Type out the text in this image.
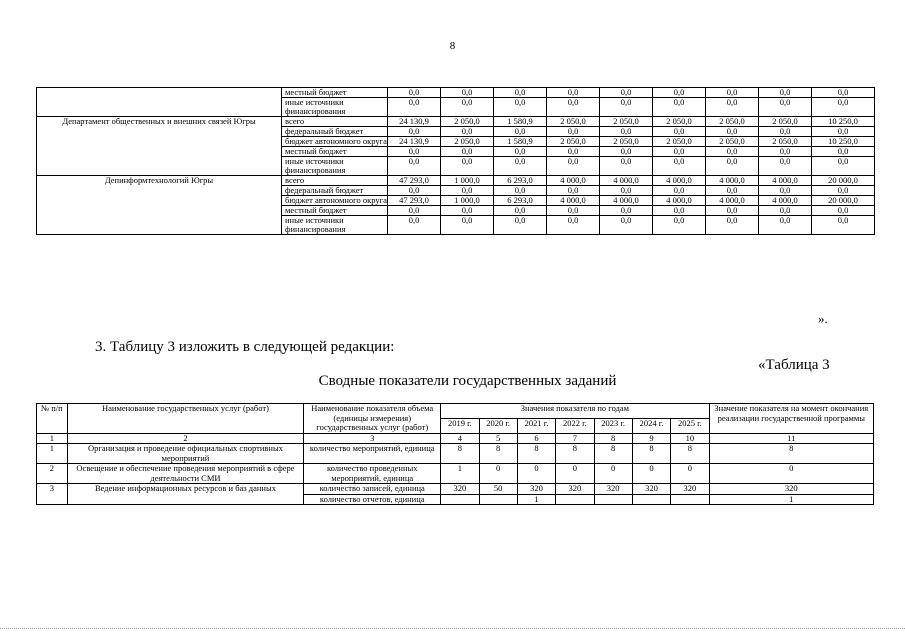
8
	местный бюджет	0,0	0,0	0,0	0,0	0,0	0,0	0,0	0,0	0,0
	иные источники финансирования	0,0	0,0	0,0	0,0	0,0	0,0	0,0	0,0	0,0
Департамент общественных и внешних связей Югры	всего	24 130,9	2 050,0	1 580,9	2 050,0	2 050,0	2 050,0	2 050,0	2 050,0	10 250,0
	федеральный бюджет	0,0	0,0	0,0	0,0	0,0	0,0	0,0	0,0	0,0
	бюджет автономного округа	24 130,9	2 050,0	1 580,9	2 050,0	2 050,0	2 050,0	2 050,0	2 050,0	10 250,0
	местный бюджет	0,0	0,0	0,0	0,0	0,0	0,0	0,0	0,0	0,0
	иные источники финансирования	0,0	0,0	0,0	0,0	0,0	0,0	0,0	0,0	0,0
Депинформтехнологий Югры	всего	47 293,0	1 000,0	6 293,0	4 000,0	4 000,0	4 000,0	4 000,0	4 000,0	20 000,0
	федеральный бюджет	0,0	0,0	0,0	0,0	0,0	0,0	0,0	0,0	0,0
	бюджет автономного округа	47 293,0	1 000,0	6 293,0	4 000,0	4 000,0	4 000,0	4 000,0	4 000,0	20 000,0
	местный бюджет	0,0	0,0	0,0	0,0	0,0	0,0	0,0	0,0	0,0
	иные источники финансирования	0,0	0,0	0,0	0,0	0,0	0,0	0,0	0,0	0,0
».
3. Таблицу 3 изложить в следующей редакции:
«Таблица 3
Сводные показатели государственных заданий
№ п/п	Наименование государственных услуг (работ)	Наименование показателя объема (единицы измерения) государственных услуг (работ)	Значения показателя по годам							Значение показателя на момент окончания реализации государственной программы
			2019 г.	2020 г.	2021 г.	2022 г.	2023 г.	2024 г.	2025 г.	
1	2	3	4	5	6	7	8	9	10	11
1	Организация и проведение официальных спортивных мероприятий	количество мероприятий, единица	8	8	8	8	8	8	8	8
2	Освещение и обеспечение проведения мероприятий в сфере деятельности СМИ	количество проведенных мероприятий, единица	1	0	0	0	0	0	0	0
3	Ведение информационных ресурсов и баз данных	количество записей, единица	320	50	320	320	320	320	320	320
		количество отчетов, единица			1					1
